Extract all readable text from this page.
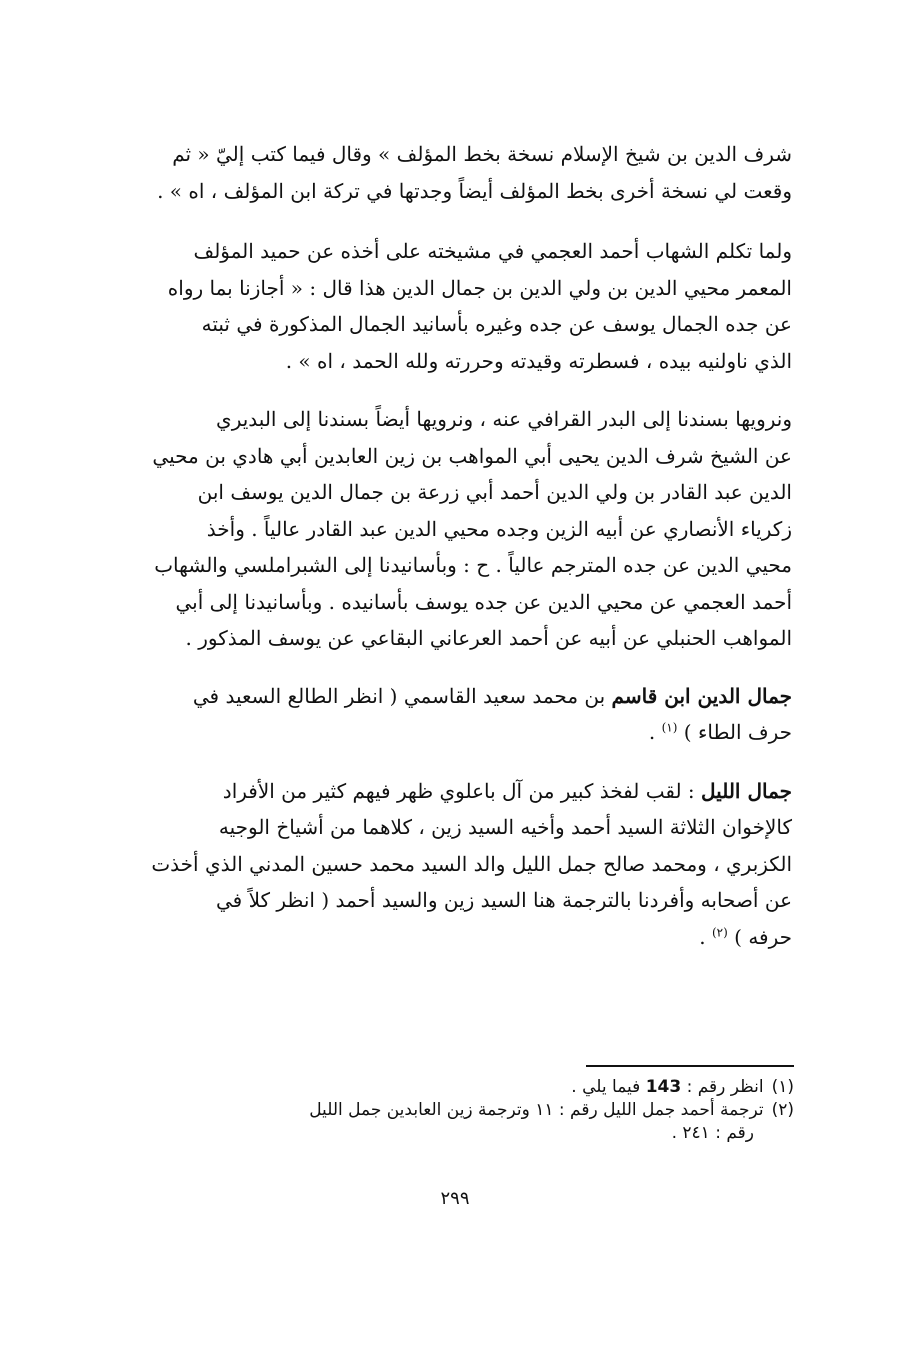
شرف الدين بن شيخ الإسلام نسخة بخط المؤلف » وقال فيما كتب إليّ « ثم
وقعت لي نسخة أخرى بخط المؤلف أيضاً وجدتها في تركة ابن المؤلف ، اه » .

ولما تكلم الشهاب أحمد العجمي في مشيخته على أخذه عن حميد المؤلف
المعمر محيي الدين بن ولي الدين بن جمال الدين هذا قال : « أجازنا بما رواه
عن جده الجمال يوسف عن جده وغيره بأسانيد الجمال المذكورة في ثبته
الذي ناولنيه بيده ، فسطرته وقيدته وحررته ولله الحمد ، اه » .

ونرويها بسندنا إلى البدر القرافي عنه ، ونرويها أيضاً بسندنا إلى البديري
عن الشيخ شرف الدين يحيى أبي المواهب بن زين العابدين أبي هادي بن محيي
الدين عبد القادر بن ولي الدين أحمد أبي زرعة بن جمال الدين يوسف ابن
زكرياء الأنصاري عن أبيه الزين وجده محيي الدين عبد القادر عالياً . وأخذ
محيي الدين عن جده المترجم عالياً . ح : وبأسانيدنا إلى الشبراملسي والشهاب
أحمد العجمي عن محيي الدين عن جده يوسف بأسانيده . وبأسانيدنا إلى أبي
المواهب الحنبلي عن أبيه عن أحمد العرعاني البقاعي عن يوسف المذكور .

جمال الدين ابن قاسم بن محمد سعيد القاسمي ( انظر الطالع السعيد في
حرف الطاء ) $^{(١)}$ .

جمال الليل : لقب لفخذ كبير من آل باعلوي ظهر فيهم كثير من الأفراد
كالإخوان الثلاثة السيد أحمد وأخيه السيد زين ، كلاهما من أشياخ الوجيه
الكزبري ، ومحمد صالح جمل الليل والد السيد محمد حسين المدني الذي أخذت
عن أصحابه وأفردنا بالترجمة هنا السيد زين والسيد أحمد ( انظر كلاً في
حرفه ) $^{(٢)}$ .

(١)انظر رقم : 143 فيما يلي .

(٢)ترجمة أحمد جمل الليل رقم : ١١ وترجمة زين العابدين جمل الليل

رقم : ٢٤١ .

٢٩٩
